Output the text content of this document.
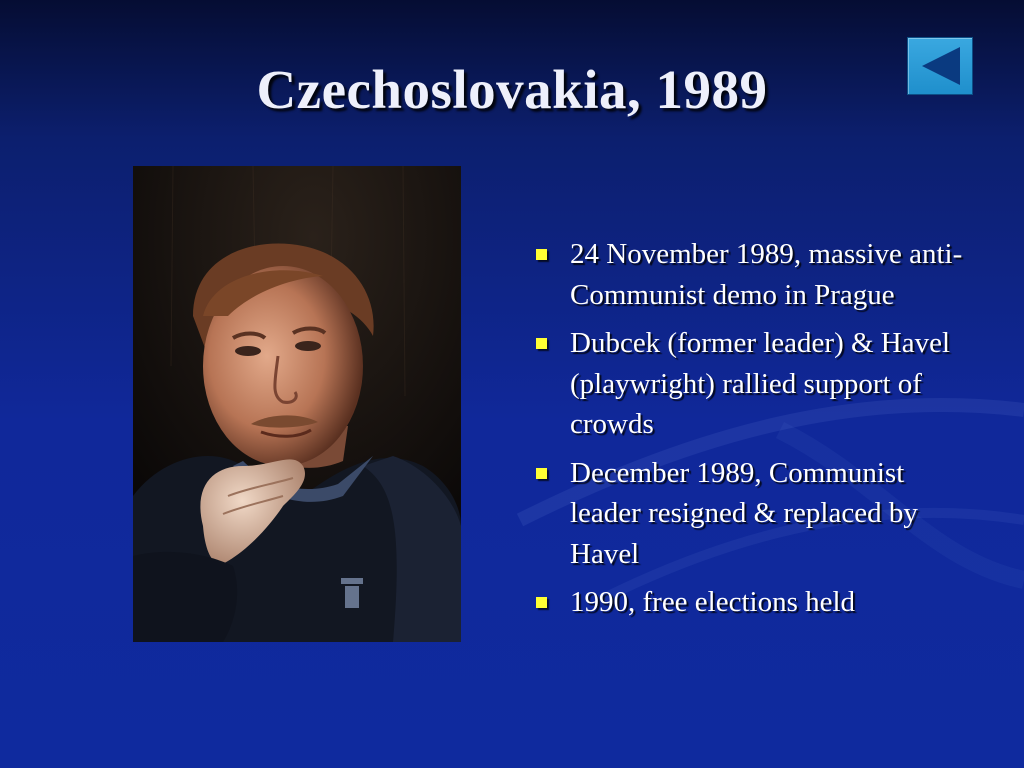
Czechoslovakia, 1989
24 November 1989, massive anti-Communist demo in Prague
Dubcek (former leader) & Havel (playwright) rallied support of crowds
December 1989, Communist leader resigned & replaced by Havel
1990, free elections held
